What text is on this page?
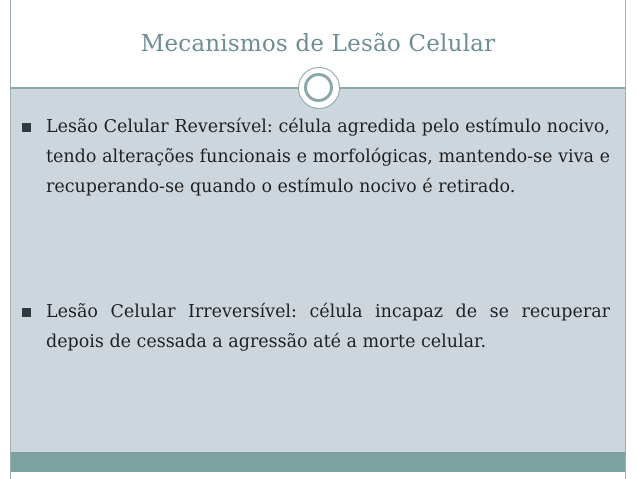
Mecanismos de Lesão Celular
Lesão Celular Reversível: célula agredida pelo estímulo nocivo, tendo alterações funcionais e morfológicas, mantendo-se viva e recuperando-se quando o estímulo nocivo é retirado.
Lesão Celular Irreversível: célula incapaz de se recuperar depois de cessada a agressão até a morte celular.
